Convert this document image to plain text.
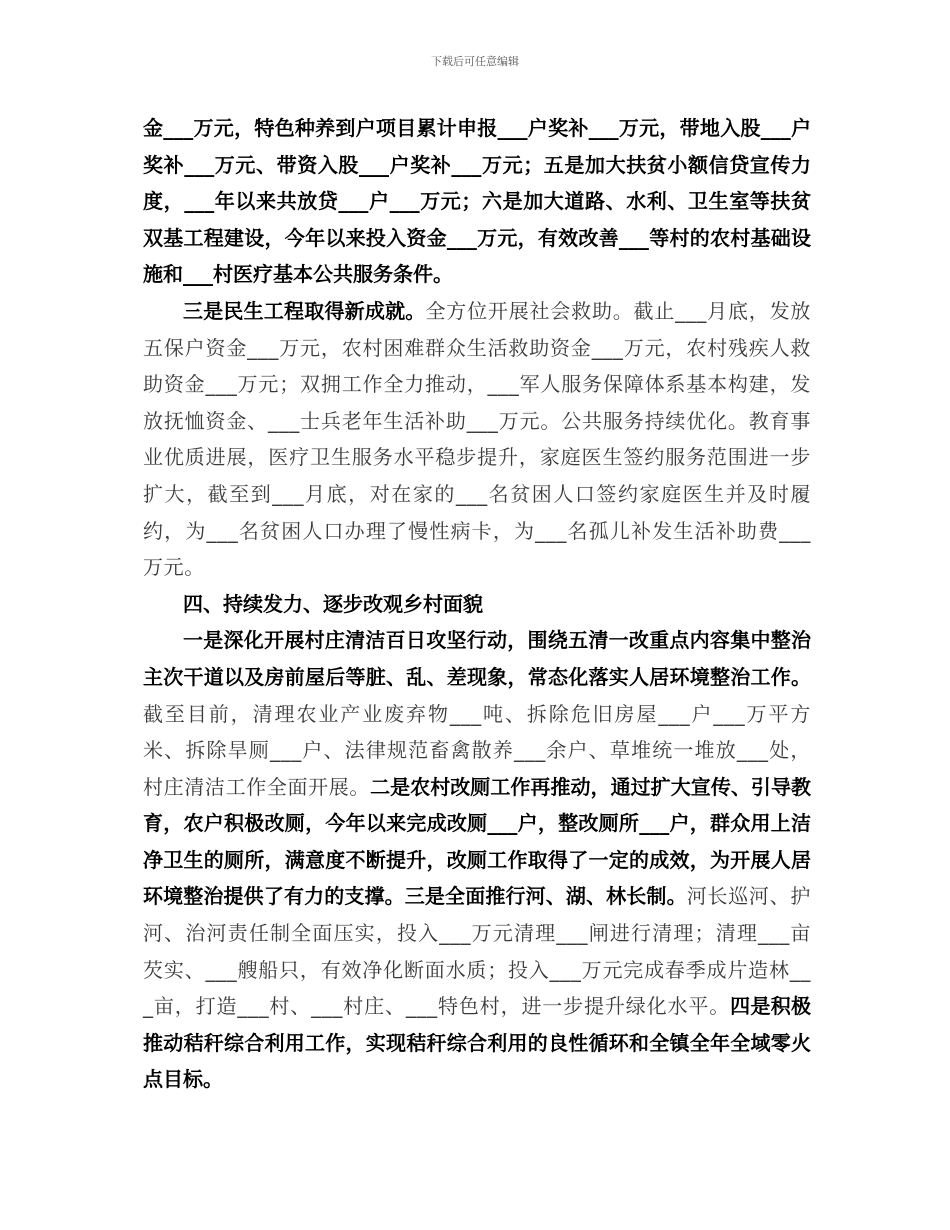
下载后可任意编辑

金___万元，特色种养到户项目累计申报___户奖补___万元，带地入股___户奖补___万元、带资入股___户奖补___万元；五是加大扶贫小额信贷宣传力度，___年以来共放贷___户___万元；六是加大道路、水利、卫生室等扶贫双基工程建设，今年以来投入资金___万元，有效改善___等村的农村基础设施和___村医疗基本公共服务条件。

三是民生工程取得新成就。全方位开展社会救助。截止___月底，发放五保户资金___万元，农村困难群众生活救助资金___万元，农村残疾人救助资金___万元；双拥工作全力推动，___军人服务保障体系基本构建，发放抚恤资金、___士兵老年生活补助___万元。公共服务持续优化。教育事业优质进展，医疗卫生服务水平稳步提升，家庭医生签约服务范围进一步扩大，截至到___月底，对在家的___名贫困人口签约家庭医生并及时履约，为___名贫困人口办理了慢性病卡，为___名孤儿补发生活补助费___万元。

四、持续发力、逐步改观乡村面貌

一是深化开展村庄清洁百日攻坚行动，围绕五清一改重点内容集中整治主次干道以及房前屋后等脏、乱、差现象，常态化落实人居环境整治工作。截至目前，清理农业产业废弃物___吨、拆除危旧房屋___户___万平方米、拆除旱厕___户、法律规范畜禽散养___余户、草堆统一堆放___处，村庄清洁工作全面开展。二是农村改厕工作再推动，通过扩大宣传、引导教育，农户积极改厕，今年以来完成改厕___户，整改厕所___户，群众用上洁净卫生的厕所，满意度不断提升，改厕工作取得了一定的成效，为开展人居环境整治提供了有力的支撑。三是全面推行河、湖、林长制。河长巡河、护河、治河责任制全面压实，投入___万元清理___闸进行清理；清理___亩芡实、___艘船只，有效净化断面水质；投入___万元完成春季成片造林___亩，打造___村、___村庄、___特色村，进一步提升绿化水平。四是积极推动秸秆综合利用工作，实现秸秆综合利用的良性循环和全镇全年全域零火点目标。
